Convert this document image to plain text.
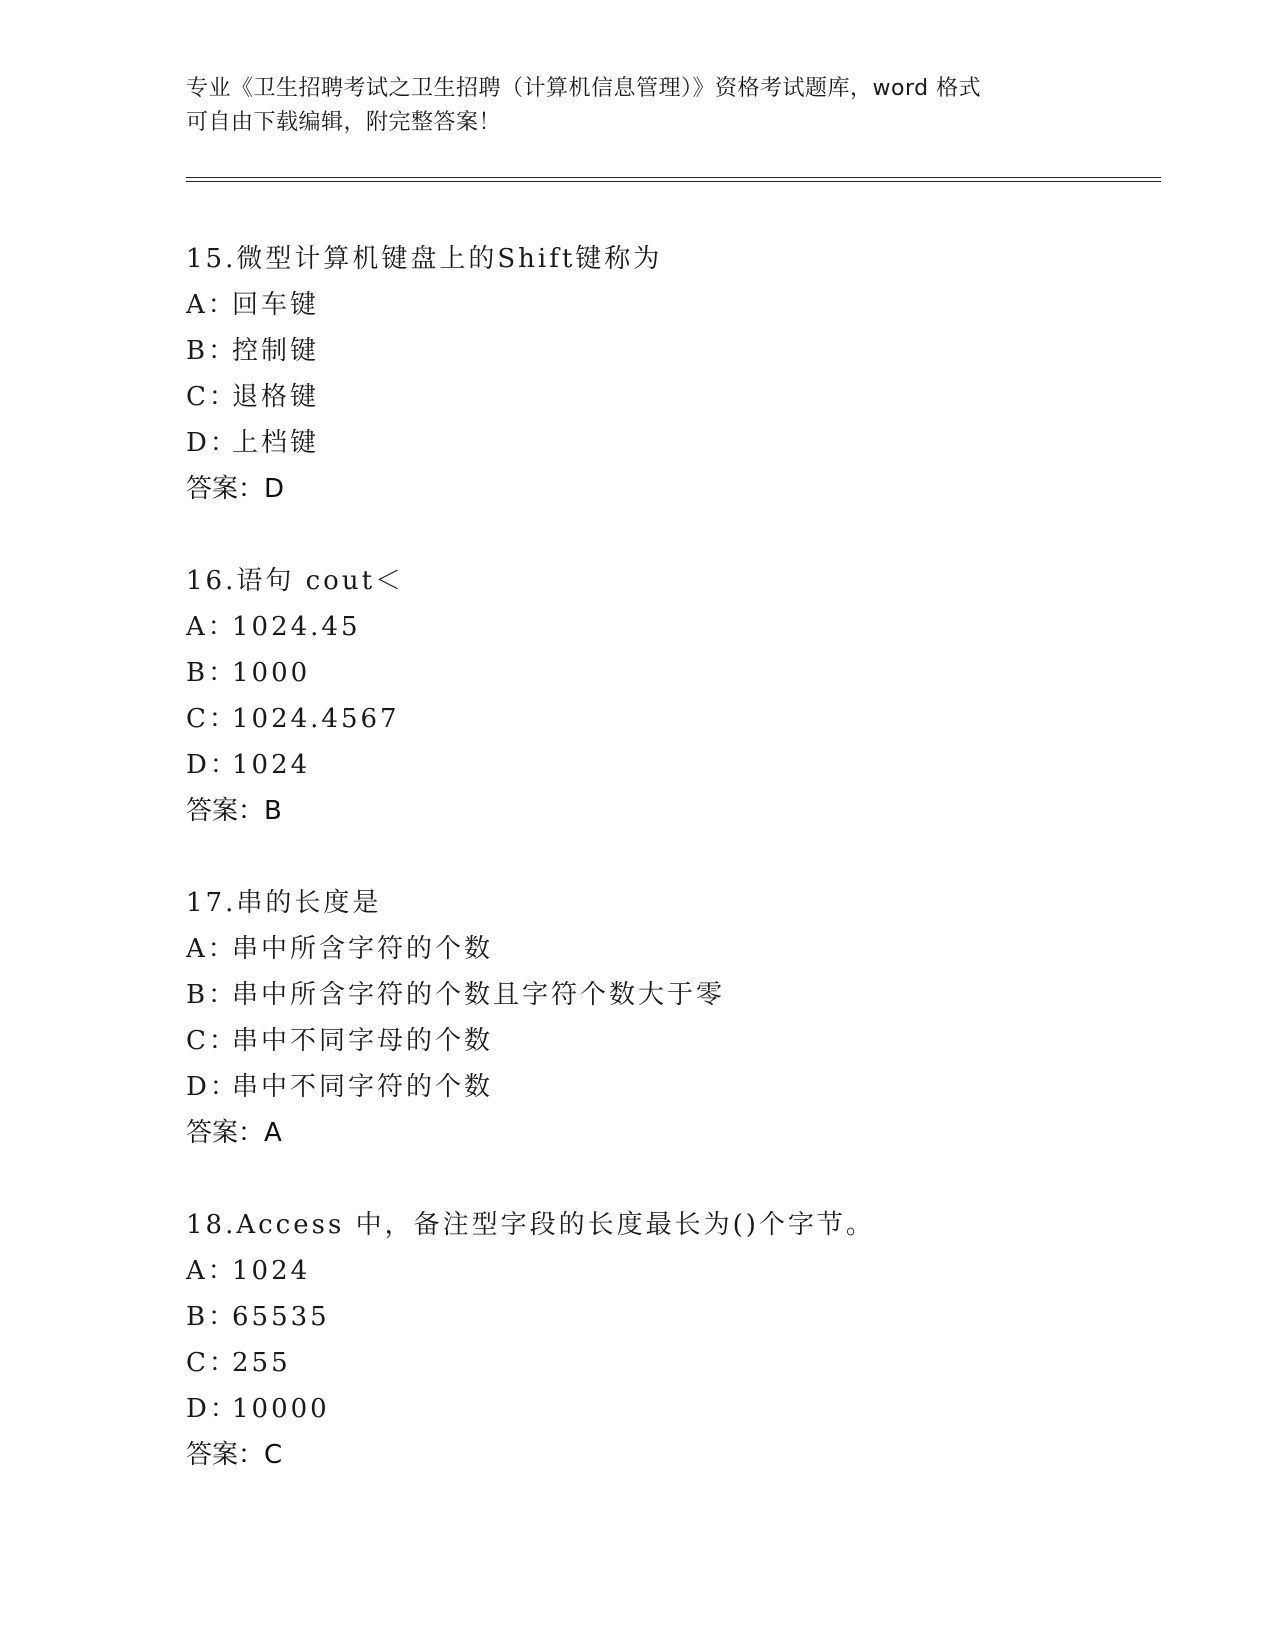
专业《卫生招聘考试之卫生招聘（计算机信息管理）》资格考试题库，word 格式
可自由下载编辑，附完整答案！
15.微型计算机键盘上的Shift键称为
A：回车键
B：控制键
C：退格键
D：上档键
答案：D
16.语句 cout＜
A：1024.45
B：1000
C：1024.4567
D：1024
答案：B
17.串的长度是
A：串中所含字符的个数
B：串中所含字符的个数且字符个数大于零
C：串中不同字母的个数
D：串中不同字符的个数
答案：A
18.Access 中，备注型字段的长度最长为()个字节。
A：1024
B：65535
C：255
D：10000
答案：C
